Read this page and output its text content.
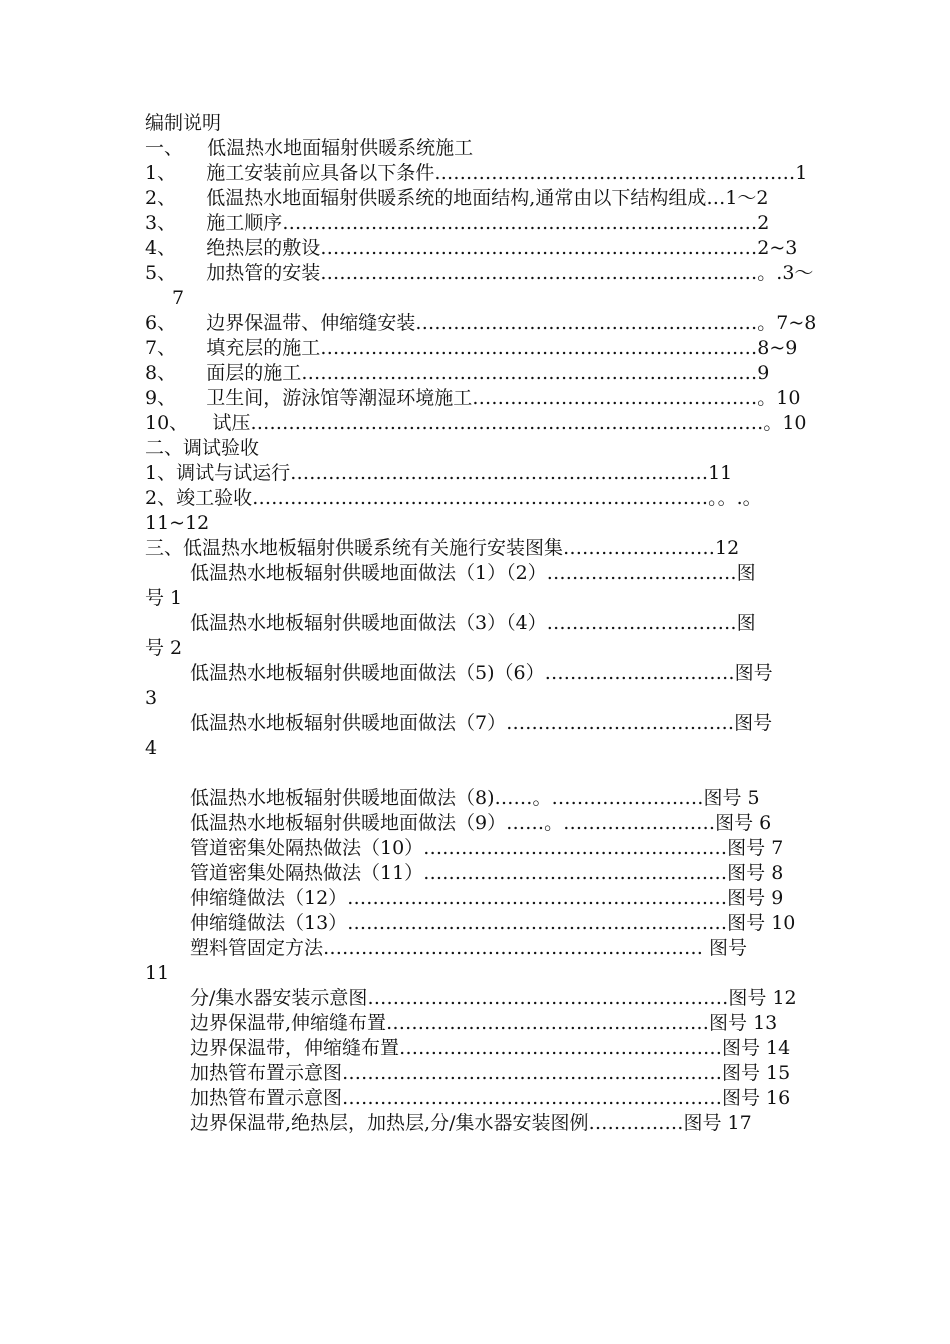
编制说明
一、    低温热水地面辐射供暖系统施工
1、     施工安装前应具备以下条件…………………………………………………1
2、     低温热水地面辐射供暖系统的地面结构,通常由以下结构组成…1～2
3、     施工顺序…………………………………………………………………2
4、     绝热层的敷设……………………………………………………………2~3
5、     加热管的安装……………………………………………………………。.3～
7
6、     边界保温带、伸缩缝安装………………………………………………。7~8
7、     填充层的施工……………………………………………………………8~9
8、     面层的施工………………………………………………………………9
9、     卫生间，游泳馆等潮湿环境施工………………………………………。10
10、    试压………………………………………………………………………。10
二、调试验收
1、调试与试运行…………………………………………………………11
2、竣工验收………………………………………………………………。。.。
11~12
三、低温热水地板辐射供暖系统有关施行安装图集……………………12
低温热水地板辐射供暖地面做法（1）（2）…………………………图
号 1
低温热水地板辐射供暖地面做法（3）（4）…………………………图
号 2
低温热水地板辐射供暖地面做法（5)（6）…………………………图号
3
低温热水地板辐射供暖地面做法（7）………………………………图号
4
低温热水地板辐射供暖地面做法（8)……。……………………图号 5
低温热水地板辐射供暖地面做法（9）……。……………………图号 6
管道密集处隔热做法（10）…………………………………………图号 7
管道密集处隔热做法（11）…………………………………………图号 8
伸缩缝做法（12）……………………………………………………图号 9
伸缩缝做法（13）……………………………………………………图号 10
塑料管固定方法…………………………………………………… 图号
11
分/集水器安装示意图…………………………………………………图号 12
边界保温带,伸缩缝布置……………………………………………图号 13
边界保温带，伸缩缝布置……………………………………………图号 14
加热管布置示意图……………………………………………………图号 15
加热管布置示意图……………………………………………………图号 16
边界保温带,绝热层，加热层,分/集水器安装图例……………图号 17
